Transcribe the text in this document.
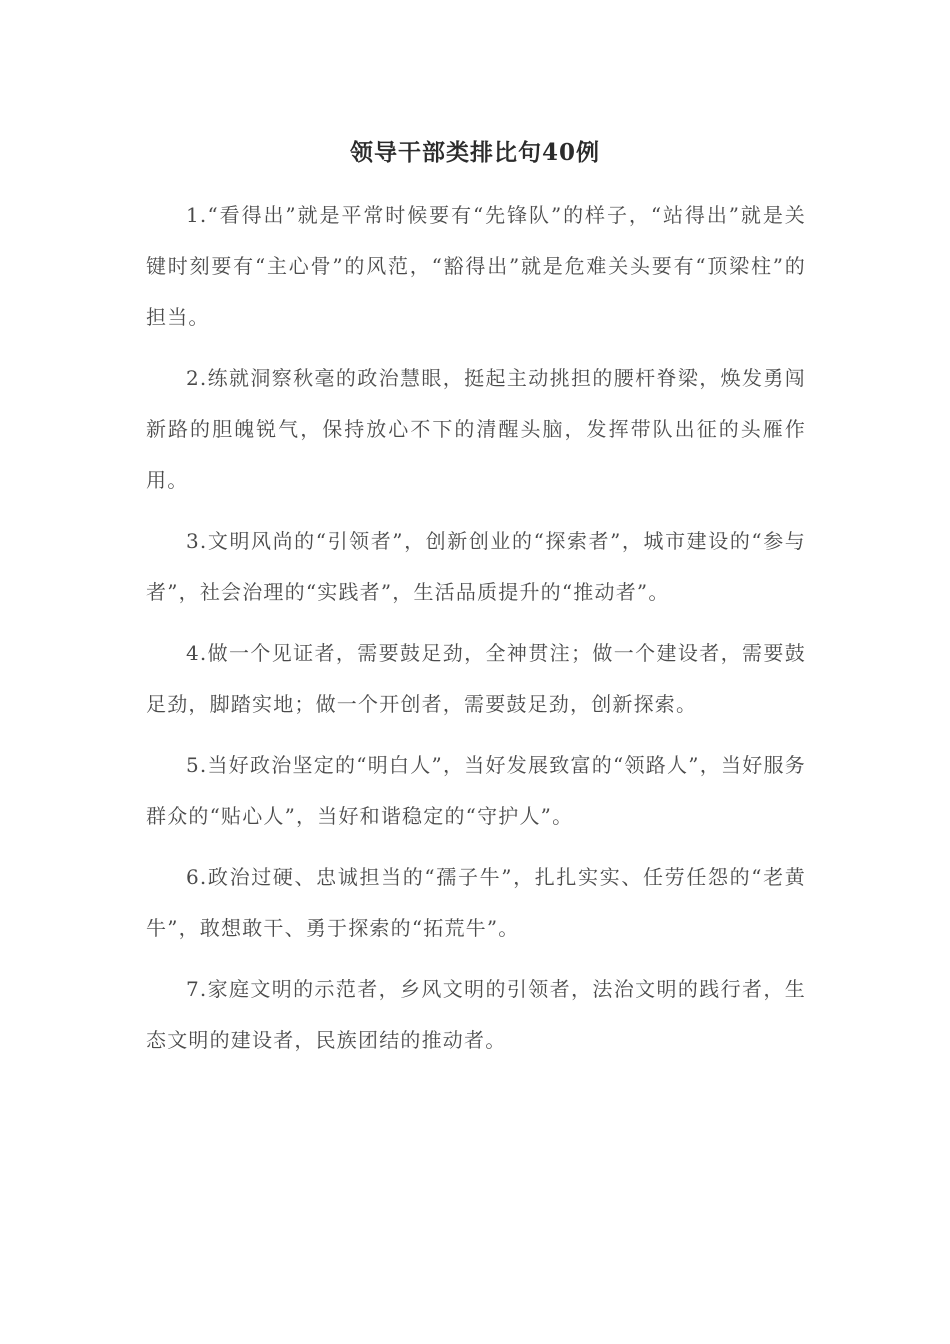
领导干部类排比句40例

1.“看得出”就是平常时候要有“先锋队”的样子，“站得出”就是关键时刻要有“主心骨”的风范，“豁得出”就是危难关头要有“顶梁柱”的担当。

2.练就洞察秋毫的政治慧眼，挺起主动挑担的腰杆脊梁，焕发勇闯新路的胆魄锐气，保持放心不下的清醒头脑，发挥带队出征的头雁作用。

3.文明风尚的“引领者”，创新创业的“探索者”，城市建设的“参与者”，社会治理的“实践者”，生活品质提升的“推动者”。

4.做一个见证者，需要鼓足劲，全神贯注；做一个建设者，需要鼓足劲，脚踏实地；做一个开创者，需要鼓足劲，创新探索。

5.当好政治坚定的“明白人”，当好发展致富的“领路人”，当好服务群众的“贴心人”，当好和谐稳定的“守护人”。

6.政治过硬、忠诚担当的“孺子牛”，扎扎实实、任劳任怨的“老黄牛”，敢想敢干、勇于探索的“拓荒牛”。

7.家庭文明的示范者，乡风文明的引领者，法治文明的践行者，生态文明的建设者，民族团结的推动者。
